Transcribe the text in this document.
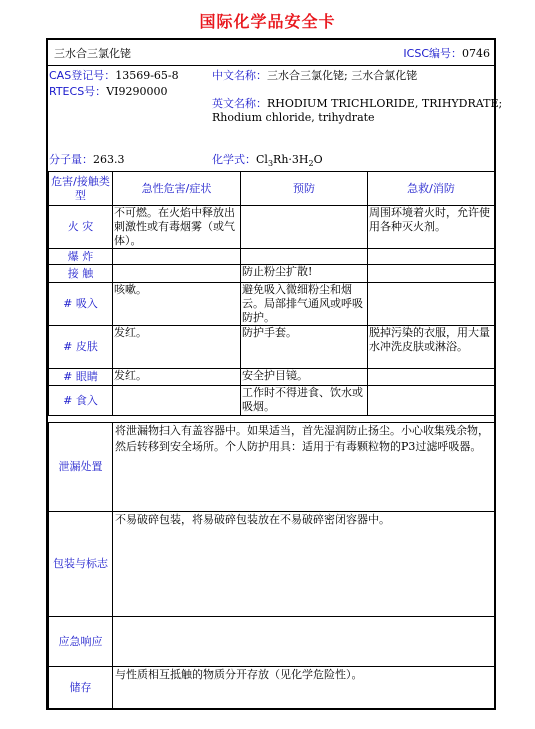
国际化学品安全卡
三水合三氯化铑	ICSC编号：0746
CAS登记号：13569-65-8
RTECS号：VI9290000
中文名称：三水合三氯化铑; 三水合氯化铑
英文名称：RHODIUM TRICHLORIDE, TRIHYDRATE;
Rhodium chloride, trihydrate
分子量：263.3	化学式：$Cl_3Rh\cdot 3H_2O$
危害/接触类型	急性危害/症状	预防	急救/消防
火 灾	不可燃。在火焰中释放出刺激性或有毒烟雾（或气体）。		周围环境着火时，允许使用各种灭火剂。
爆 炸			
接 触		防止粉尘扩散!	
# 吸入	咳嗽。	避免吸入微细粉尘和烟云。局部排气通风或呼吸防护。	
# 皮肤	发红。	防护手套。	脱掉污染的衣服，用大量水冲洗皮肤或淋浴。
# 眼睛	发红。	安全护目镜。	
# 食入		工作时不得进食、饮水或吸烟。	
泄漏处置	将泄漏物扫入有盖容器中。如果适当，首先湿润防止扬尘。小心收集残余物，然后转移到安全场所。个人防护用具：适用于有毒颗粒物的P3过滤呼吸器。
包装与标志	不易破碎包装，将易破碎包装放在不易破碎密闭容器中。
应急响应	
储存	与性质相互抵触的物质分开存放（见化学危险性）。
